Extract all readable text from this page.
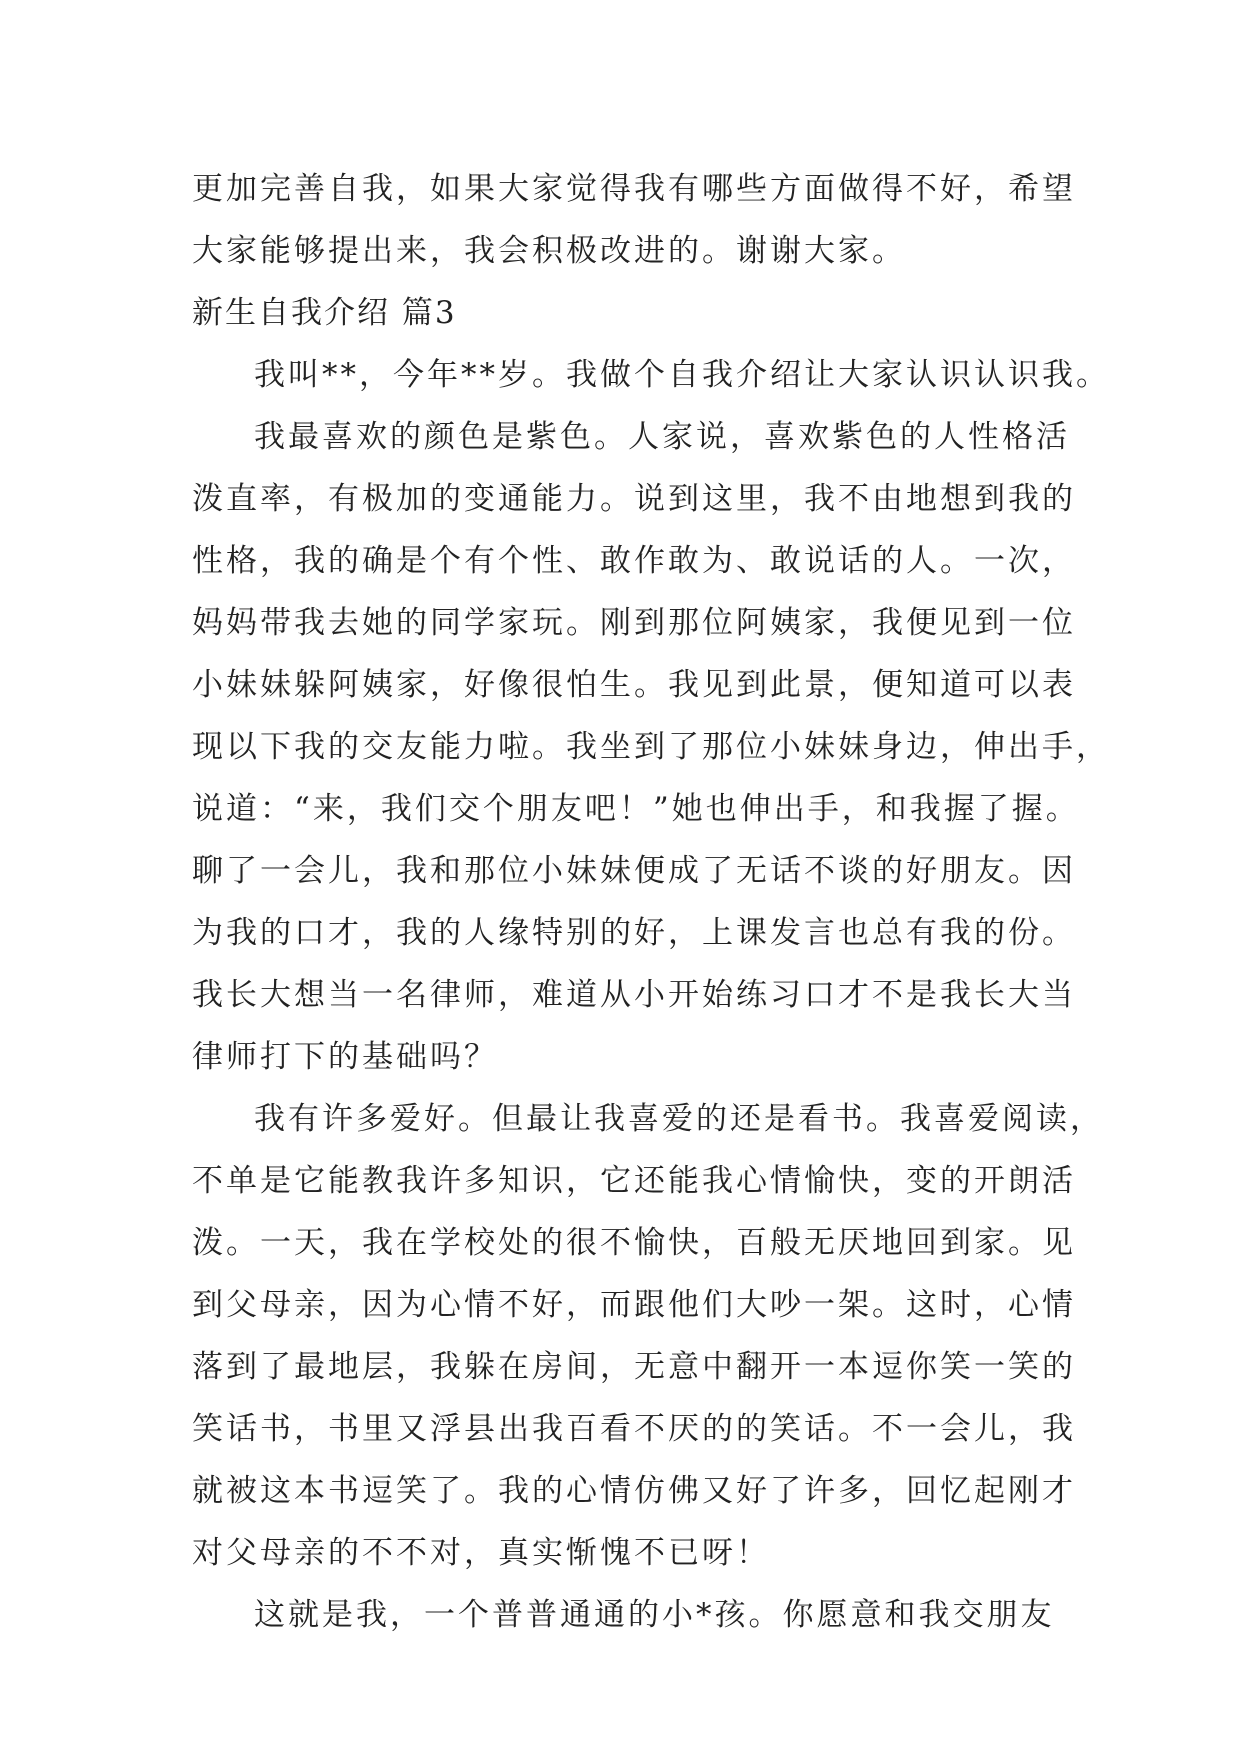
更加完善自我，如果大家觉得我有哪些方面做得不好，希望
大家能够提出来，我会积极改进的。谢谢大家。
新生自我介绍 篇3
我叫**，今年**岁。我做个自我介绍让大家认识认识我。
我最喜欢的颜色是紫色。人家说，喜欢紫色的人性格活
泼直率，有极加的变通能力。说到这里，我不由地想到我的
性格，我的确是个有个性、敢作敢为、敢说话的人。一次，
妈妈带我去她的同学家玩。刚到那位阿姨家，我便见到一位
小妹妹躲阿姨家，好像很怕生。我见到此景，便知道可以表
现以下我的交友能力啦。我坐到了那位小妹妹身边，伸出手，
说道：“来，我们交个朋友吧！”她也伸出手，和我握了握。
聊了一会儿，我和那位小妹妹便成了无话不谈的好朋友。因
为我的口才，我的人缘特别的好，上课发言也总有我的份。
我长大想当一名律师，难道从小开始练习口才不是我长大当
律师打下的基础吗？
我有许多爱好。但最让我喜爱的还是看书。我喜爱阅读，
不单是它能教我许多知识，它还能我心情愉快，变的开朗活
泼。一天，我在学校处的很不愉快，百般无厌地回到家。见
到父母亲，因为心情不好，而跟他们大吵一架。这时，心情
落到了最地层，我躲在房间，无意中翻开一本逗你笑一笑的
笑话书，书里又浮县出我百看不厌的的笑话。不一会儿，我
就被这本书逗笑了。我的心情仿佛又好了许多，回忆起刚才
对父母亲的不不对，真实惭愧不已呀！
这就是我，一个普普通通的小*孩。你愿意和我交朋友
